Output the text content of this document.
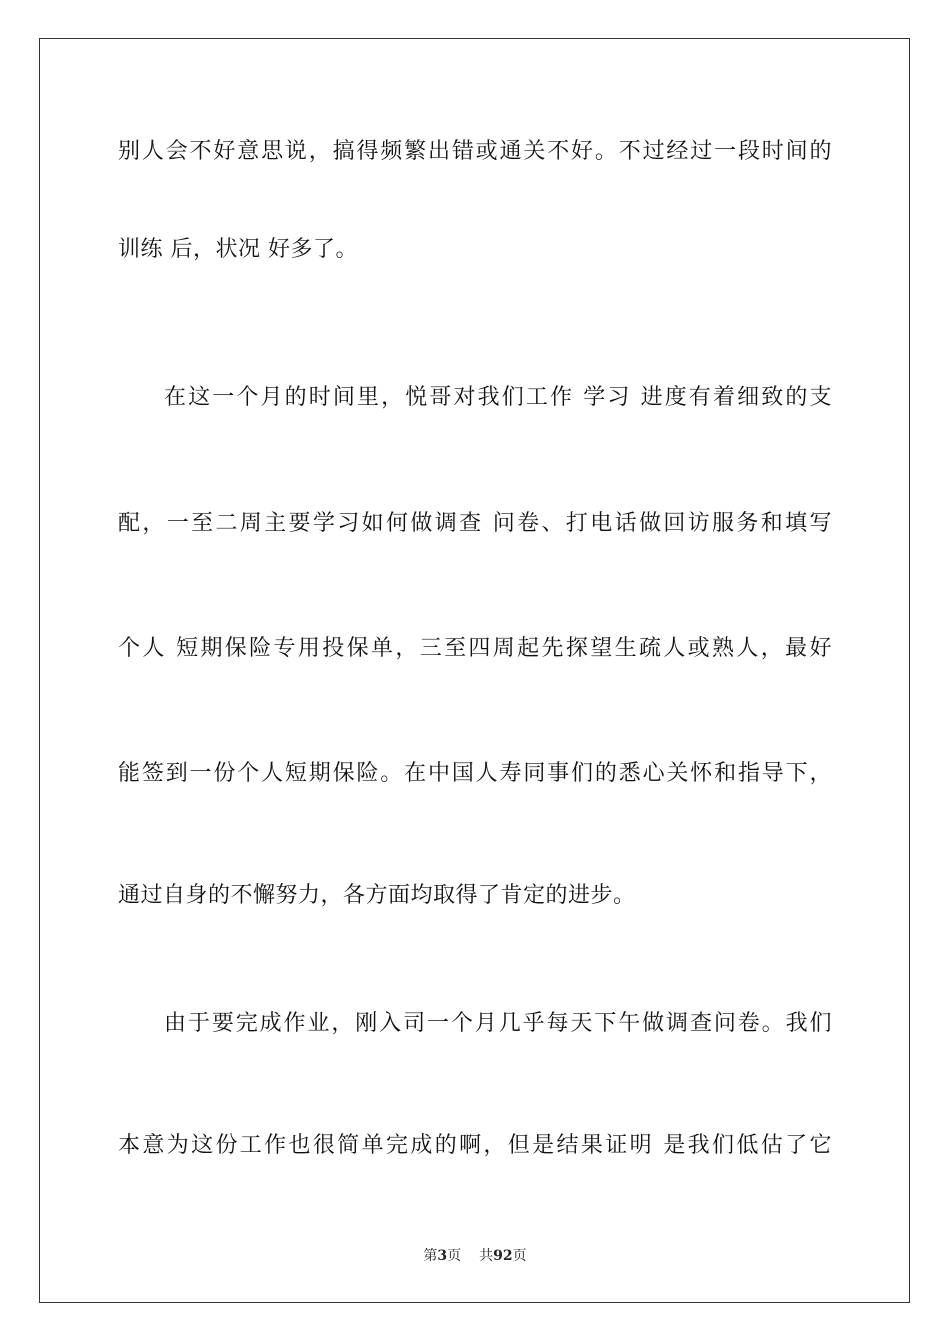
别人会不好意思说，搞得频繁出错或通关不好。不过经过一段时间的
训练 后，状况 好多了。
在这一个月的时间里，悦哥对我们工作 学习 进度有着细致的支
配，一至二周主要学习如何做调查 问卷、打电话做回访服务和填写
个人 短期保险专用投保单，三至四周起先探望生疏人或熟人，最好
能签到一份个人短期保险。在中国人寿同事们的悉心关怀和指导下，
通过自身的不懈努力，各方面均取得了肯定的进步。
由于要完成作业，刚入司一个月几乎每天下午做调查问卷。我们
本意为这份工作也很简单完成的啊，但是结果证明 是我们低估了它
第3页 共92页
